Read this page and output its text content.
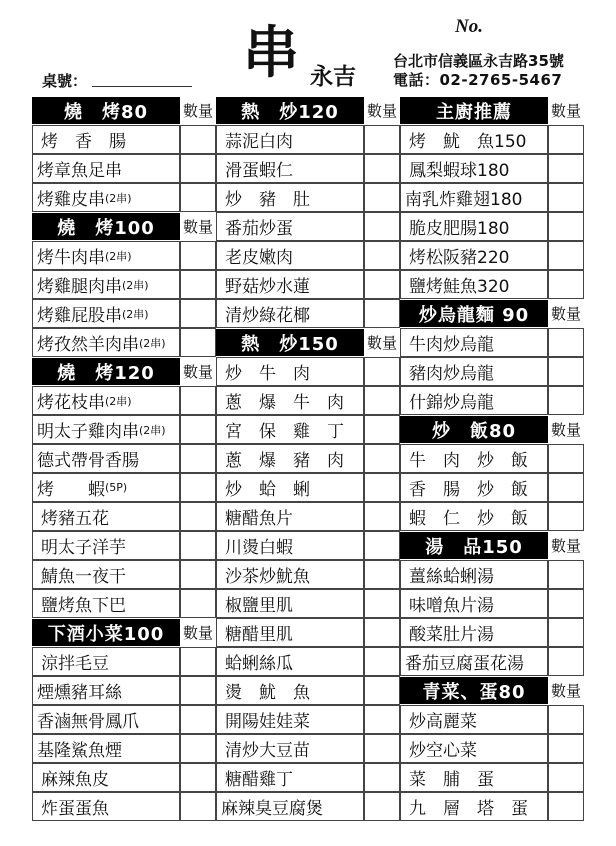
No.
串 永吉
台北市信義區永吉路35號
電話：02-2765-5467
桌號：
燒　烤80	數量
烤　香　腸
烤章魚足串
烤雞皮串 (2串)
燒　烤100	數量
烤牛肉串 (2串)
烤雞腿肉串 (2串)
烤雞屁股串 (2串)
烤孜然羊肉串 (2串)
燒　烤120	數量
烤花枝串 (2串)
明太子雞肉串 (2串)
德式帶骨香腸
烤　　蝦 (5P)
烤豬五花
明太子洋芋
鯖魚一夜干
鹽烤魚下巴
下酒小菜100	數量
涼拌毛豆
煙燻豬耳絲
香滷無骨鳳爪
基隆鯊魚煙
麻辣魚皮
炸蛋蛋魚
熱　炒120	數量
蒜泥白肉
滑蛋蝦仁
炒　豬　肚
番茄炒蛋
老皮嫩肉
野菇炒水蓮
清炒綠花椰
熱　炒150	數量
炒　牛　肉
蔥　爆　牛　肉
宮　保　雞　丁
蔥　爆　豬　肉
炒　蛤　蜊
糖醋魚片
川燙白蝦
沙茶炒魷魚
椒鹽里肌
糖醋里肌
蛤蜊絲瓜
燙　魷　魚
開陽娃娃菜
清炒大豆苗
糖醋雞丁
麻辣臭豆腐煲
主廚推薦	數量
烤　魷　魚150
鳳梨蝦球180
南乳炸雞翅180
脆皮肥腸180
烤松阪豬220
鹽烤鮭魚320
炒烏龍麵 90	數量
牛肉炒烏龍
豬肉炒烏龍
什錦炒烏龍
炒　飯80	數量
牛　肉　炒　飯
香　腸　炒　飯
蝦　仁　炒　飯
湯　品150	數量
薑絲蛤蜊湯
味噌魚片湯
酸菜肚片湯
番茄豆腐蛋花湯
青菜、蛋80	數量
炒高麗菜
炒空心菜
菜　脯　蛋
九　層　塔　蛋
